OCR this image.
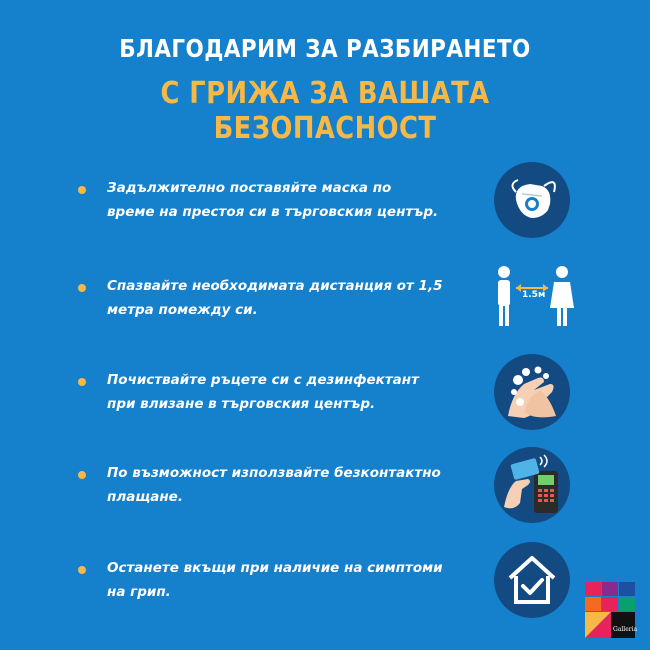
БЛАГОДАРИМ ЗА РАЗБИРАНЕТО
С ГРИЖА ЗА ВАШАТА БЕЗОПАСНОСТ
Задължително поставяйте маска по
време на престоя си в търговския център.
Спазвайте необходимата дистанция от 1,5
метра помежду си.
1.5м
Почиствайте ръцете си с дезинфектант
при влизане в търговския център.
По възможност използвайте безконтактно
плащане.
Останете вкъщи при наличие на симптоми
на грип.
Galleria
